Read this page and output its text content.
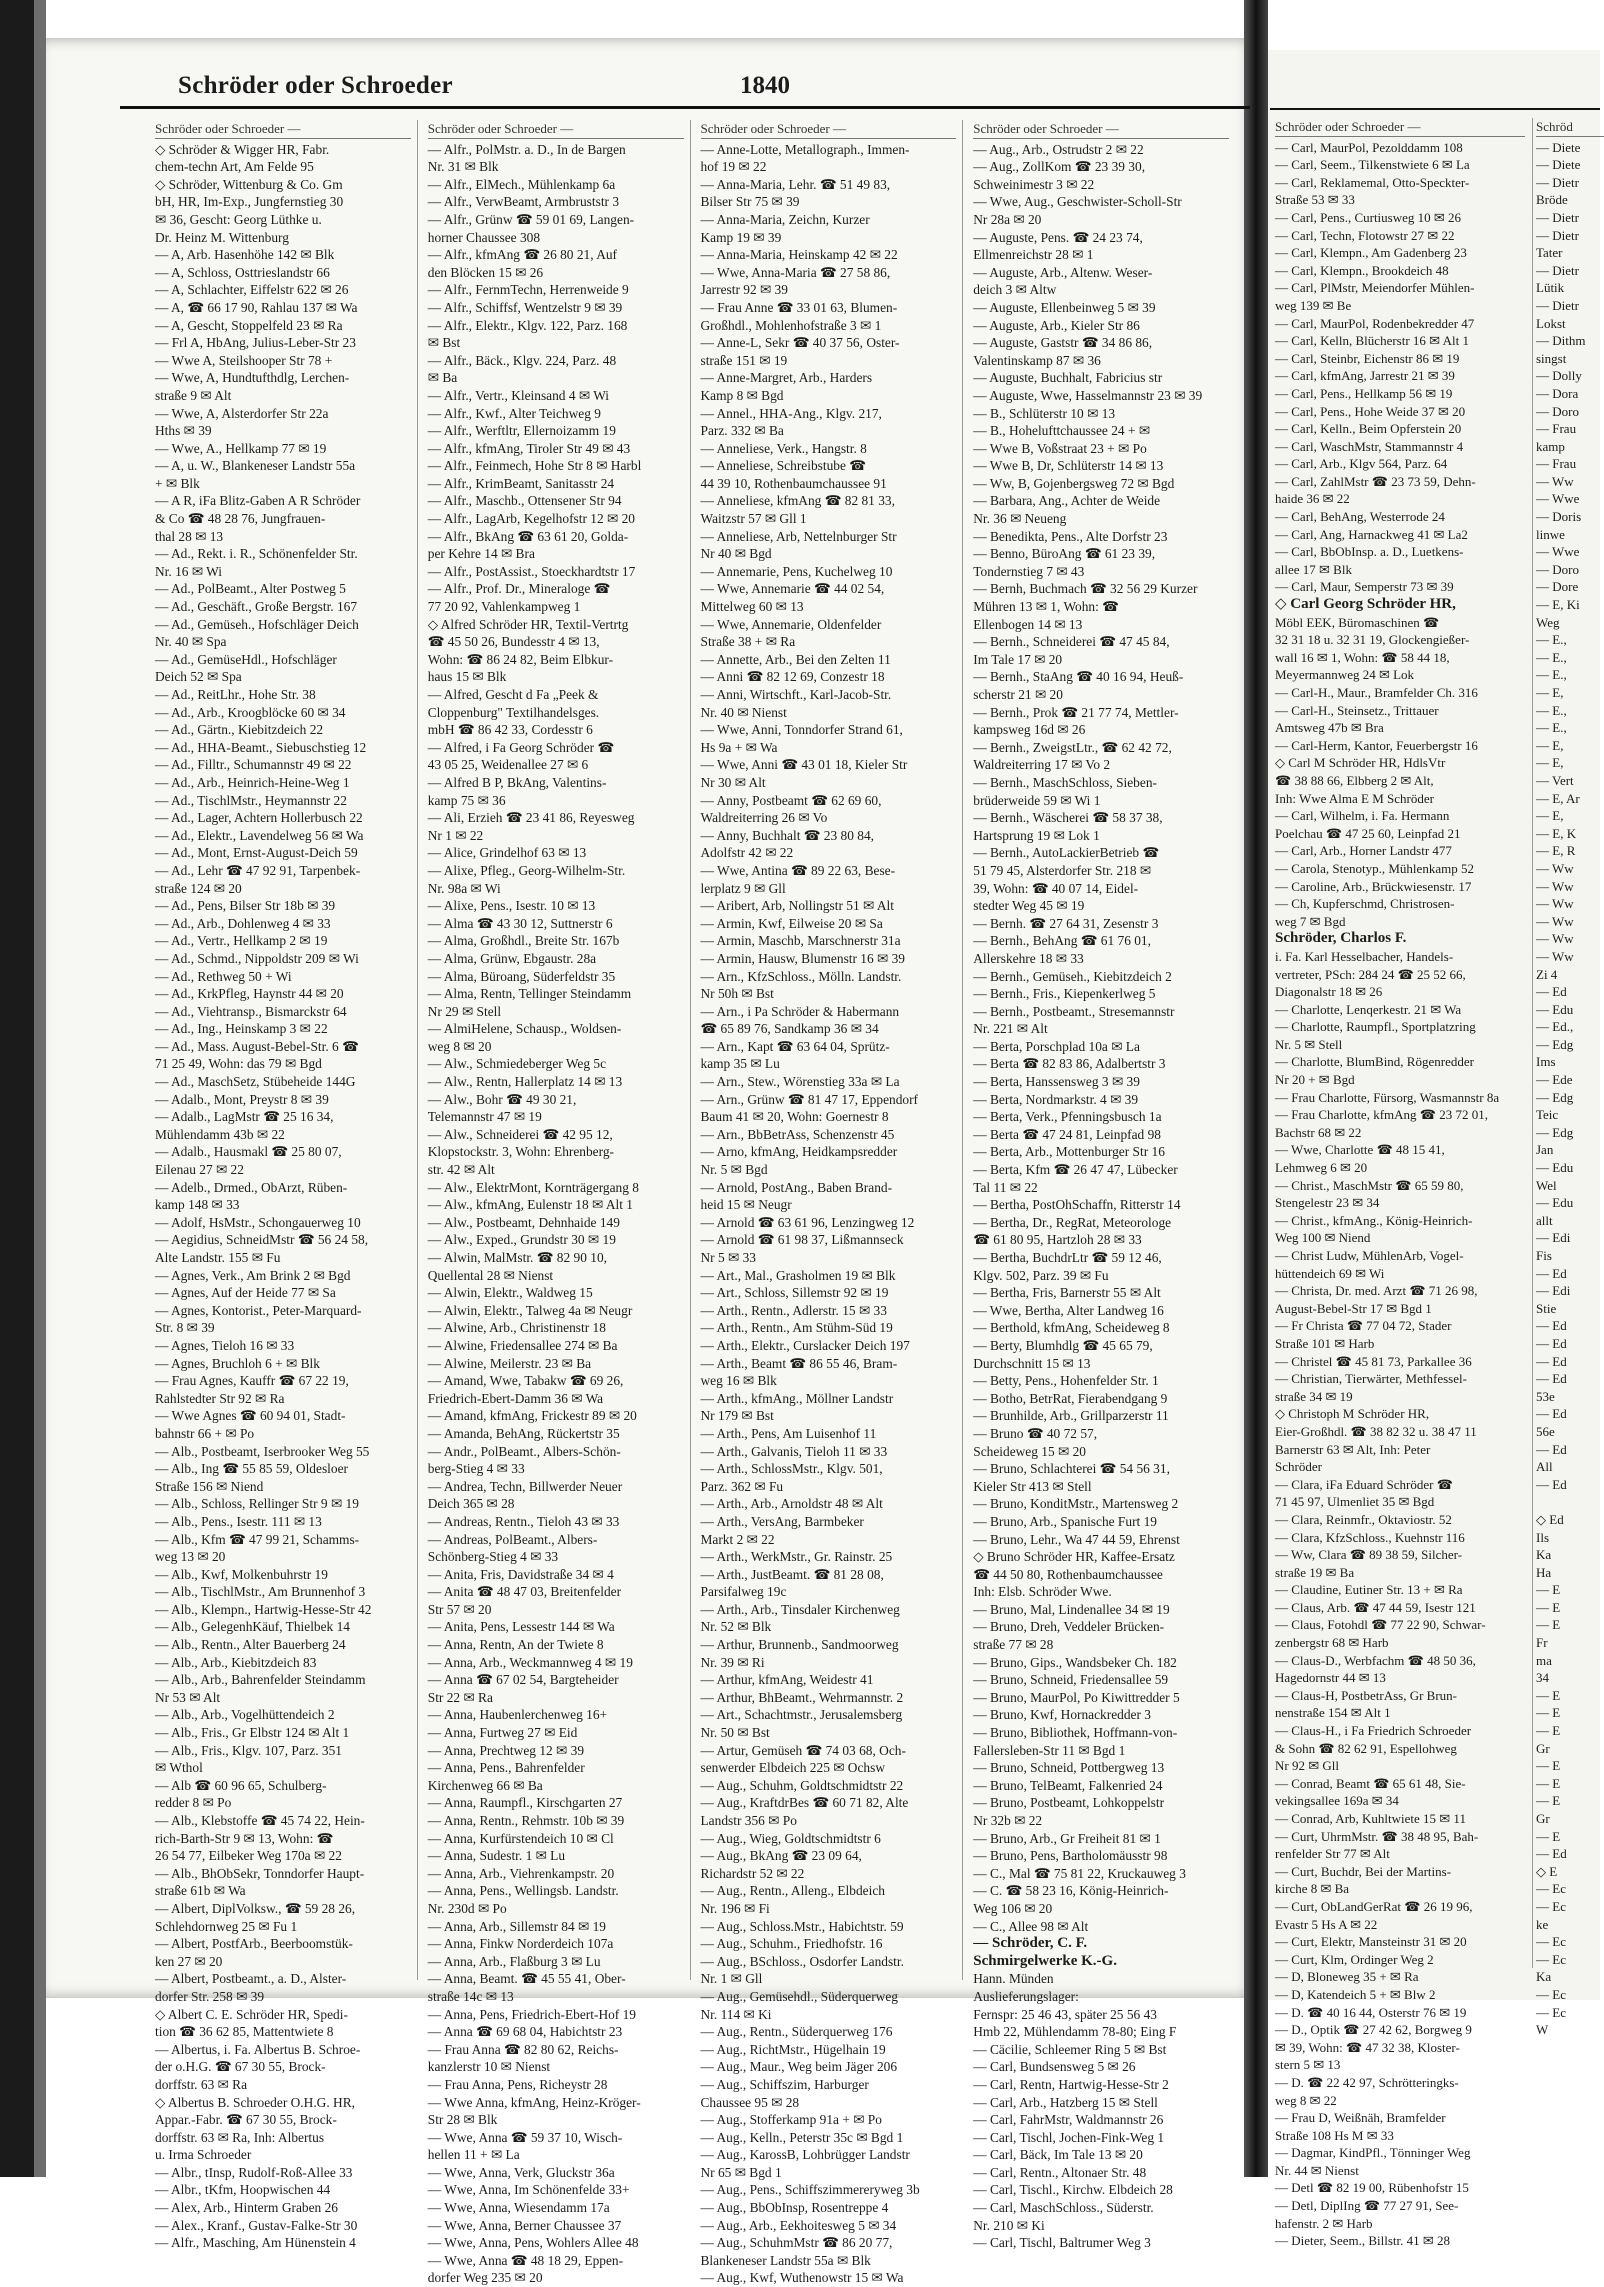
Schröder oder Schroeder	1840
Schröder oder Schroeder —
◇ Schröder & Wigger HR, Fabr.
chem-techn Art, Am Felde 95
◇ Schröder, Wittenburg & Co. Gm
bH, HR, Im-Exp., Jungfernstieg 30
✉ 36, Gescht: Georg Lüthke u.
Dr. Heinz M. Wittenburg
— A, Arb. Hasenhöhe 142 ✉ Blk
— A, Schloss, Osttrieslandstr 66
— A, Schlachter, Eiffelstr 622 ✉ 26
— A, ☎ 66 17 90, Rahlau 137 ✉ Wa
— A, Gescht, Stoppelfeld 23 ✉ Ra
— Frl A, HbAng, Julius-Leber-Str 23
— Wwe A, Steilshooper Str 78 +
— Wwe, A, Hundtufthdlg, Lerchen-
straße 9 ✉ Alt
— Wwe, A, Alsterdorfer Str 22a
Hths ✉ 39
— Wwe, A., Hellkamp 77 ✉ 19
— A, u. W., Blankeneser Landstr 55a
+ ✉ Blk
— A R, iFa Blitz-Gaben A R Schröder
& Co ☎ 48 28 76, Jungfrauen-
thal 28 ✉ 13
— Ad., Rekt. i. R., Schönenfelder Str.
Nr. 16 ✉ Wi
— Ad., PolBeamt., Alter Postweg 5
— Ad., Geschäft., Große Bergstr. 167
— Ad., Gemüseh., Hofschläger Deich
Nr. 40 ✉ Spa
— Ad., GemüseHdl., Hofschläger
Deich 52 ✉ Spa
— Ad., ReitLhr., Hohe Str. 38
— Ad., Arb., Kroogblöcke 60 ✉ 34
— Ad., Gärtn., Kiebitzdeich 22
— Ad., HHA-Beamt., Siebuschstieg 12
— Ad., Filltr., Schumannstr 49 ✉ 22
— Ad., Arb., Heinrich-Heine-Weg 1
— Ad., TischlMstr., Heymannstr 22
— Ad., Lager, Achtern Hollerbusch 22
— Ad., Elektr., Lavendelweg 56 ✉ Wa
— Ad., Mont, Ernst-August-Deich 59
— Ad., Lehr ☎ 47 92 91, Tarpenbek-
straße 124 ✉ 20
— Ad., Pens, Bilser Str 18b ✉ 39
— Ad., Arb., Dohlenweg 4 ✉ 33
— Ad., Vertr., Hellkamp 2 ✉ 19
— Ad., Schmd., Nippoldstr 209 ✉ Wi
— Ad., Rethweg 50 + Wi
— Ad., KrkPfleg, Haynstr 44 ✉ 20
— Ad., Viehtransp., Bismarckstr 64
— Ad., Ing., Heinskamp 3 ✉ 22
— Ad., Mass. August-Bebel-Str. 6 ☎
71 25 49, Wohn: das 79 ✉ Bgd
— Ad., MaschSetz, Stübeheide 144G
— Adalb., Mont, Preystr 8 ✉ 39
— Adalb., LagMstr ☎ 25 16 34,
Mühlendamm 43b ✉ 22
— Adalb., Hausmakl ☎ 25 80 07,
Eilenau 27 ✉ 22
— Adelb., Drmed., ObArzt, Rüben-
kamp 148 ✉ 33
— Adolf, HsMstr., Schongauerweg 10
— Aegidius, SchneidMstr ☎ 56 24 58,
Alte Landstr. 155 ✉ Fu
— Agnes, Verk., Am Brink 2 ✉ Bgd
— Agnes, Auf der Heide 77 ✉ Sa
— Agnes, Kontorist., Peter-Marquard-
Str. 8 ✉ 39
— Agnes, Tieloh 16 ✉ 33
— Agnes, Bruchloh 6 + ✉ Blk
— Frau Agnes, Kauffr ☎ 67 22 19,
Rahlstedter Str 92 ✉ Ra
— Wwe Agnes ☎ 60 94 01, Stadt-
bahnstr 66 + ✉ Po
— Alb., Postbeamt, Iserbrooker Weg 55
— Alb., Ing ☎ 55 85 59, Oldesloer
Straße 156 ✉ Niend
— Alb., Schloss, Rellinger Str 9 ✉ 19
— Alb., Pens., Isestr. 111 ✉ 13
— Alb., Kfm ☎ 47 99 21, Schamms-
weg 13 ✉ 20
— Alb., Kwf, Molkenbuhrstr 19
— Alb., TischlMstr., Am Brunnenhof 3
— Alb., Klempn., Hartwig-Hesse-Str 42
— Alb., GelegenhKäuf, Thielbek 14
— Alb., Rentn., Alter Bauerberg 24
— Alb., Arb., Kiebitzdeich 83
— Alb., Arb., Bahrenfelder Steindamm
Nr 53 ✉ Alt
— Alb., Arb., Vogelhüttendeich 2
— Alb., Fris., Gr Elbstr 124 ✉ Alt 1
— Alb., Fris., Klgv. 107, Parz. 351
✉ Wthol
— Alb ☎ 60 96 65, Schulberg-
redder 8 ✉ Po
— Alb., Klebstoffe ☎ 45 74 22, Hein-
rich-Barth-Str 9 ✉ 13, Wohn: ☎
26 54 77, Eilbeker Weg 170a ✉ 22
— Alb., BhObSekr, Tonndorfer Haupt-
straße 61b ✉ Wa
— Albert, DiplVolksw., ☎ 59 28 26,
Schlehdornweg 25 ✉ Fu 1
— Albert, PostfArb., Beerboomstük-
ken 27 ✉ 20
— Albert, Postbeamt., a. D., Alster-
dorfer Str. 258 ✉ 39
◇ Albert C. E. Schröder HR, Spedi-
tion ☎ 36 62 85, Mattentwiete 8
— Albertus, i. Fa. Albertus B. Schroe-
der o.H.G. ☎ 67 30 55, Brock-
dorffstr. 63 ✉ Ra
◇ Albertus B. Schroeder O.H.G. HR,
Appar.-Fabr. ☎ 67 30 55, Brock-
dorffstr. 63 ✉ Ra, Inh: Albertus
u. Irma Schroeder
— Albr., tInsp, Rudolf-Roß-Allee 33
— Albr., tKfm, Hoopwischen 44
— Alex, Arb., Hinterm Graben 26
— Alex., Kranf., Gustav-Falke-Str 30
— Alfr., Masching, Am Hünenstein 4
Schröder oder Schroeder —
— Alfr., PolMstr. a. D., In de Bargen
Nr. 31 ✉ Blk
— Alfr., ElMech., Mühlenkamp 6a
— Alfr., VerwBeamt, Armbruststr 3
— Alfr., Grünw ☎ 59 01 69, Langen-
horner Chaussee 308
— Alfr., kfmAng ☎ 26 80 21, Auf
den Blöcken 15 ✉ 26
— Alfr., FernmTechn, Herrenweide 9
— Alfr., Schiffsf, Wentzelstr 9 ✉ 39
— Alfr., Elektr., Klgv. 122, Parz. 168
✉ Bst
— Alfr., Bäck., Klgv. 224, Parz. 48
✉ Ba
— Alfr., Vertr., Kleinsand 4 ✉ Wi
— Alfr., Kwf., Alter Teichweg 9
— Alfr., Werftltr, Ellernoizamm 19
— Alfr., kfmAng, Tiroler Str 49 ✉ 43
— Alfr., Feinmech, Hohe Str 8 ✉ Harbl
— Alfr., KrimBeamt, Sanitasstr 24
— Alfr., Maschb., Ottensener Str 94
— Alfr., LagArb, Kegelhofstr 12 ✉ 20
— Alfr., BkAng ☎ 63 61 20, Golda-
per Kehre 14 ✉ Bra
— Alfr., PostAssist., Stoeckhardtstr 17
— Alfr., Prof. Dr., Mineraloge ☎
77 20 92, Vahlenkampweg 1
◇ Alfred Schröder HR, Textil-Vertrtg
☎ 45 50 26, Bundesstr 4 ✉ 13,
Wohn: ☎ 86 24 82, Beim Elbkur-
haus 15 ✉ Blk
— Alfred, Gescht d Fa „Peek &
Cloppenburg" Textilhandelsges.
mbH ☎ 86 42 33, Cordesstr 6
— Alfred, i Fa Georg Schröder ☎
43 05 25, Weidenallee 27 ✉ 6
— Alfred B P, BkAng, Valentins-
kamp 75 ✉ 36
— Ali, Erzieh ☎ 23 41 86, Reyesweg
Nr 1 ✉ 22
— Alice, Grindelhof 63 ✉ 13
— Alixe, Pfleg., Georg-Wilhelm-Str.
Nr. 98a ✉ Wi
— Alixe, Pens., Isestr. 10 ✉ 13
— Alma ☎ 43 30 12, Suttnerstr 6
— Alma, Großhdl., Breite Str. 167b
— Alma, Grünw, Ebgaustr. 28a
— Alma, Büroang, Süderfeldstr 35
— Alma, Rentn, Tellinger Steindamm
Nr 29 ✉ Stell
— AlmiHelene, Schausp., Woldsen-
weg 8 ✉ 20
— Alw., Schmiedeberger Weg 5c
— Alw., Rentn, Hallerplatz 14 ✉ 13
— Alw., Bohr ☎ 49 30 21,
Telemannstr 47 ✉ 19
— Alw., Schneiderei ☎ 42 95 12,
Klopstockstr. 3, Wohn: Ehrenberg-
str. 42 ✉ Alt
— Alw., ElektrMont, Kornträgergang 8
— Alw., kfmAng, Eulenstr 18 ✉ Alt 1
— Alw., Postbeamt, Dehnhaide 149
— Alw., Exped., Grundstr 30 ✉ 19
— Alwin, MalMstr. ☎ 82 90 10,
Quellental 28 ✉ Nienst
— Alwin, Elektr., Waldweg 15
— Alwin, Elektr., Talweg 4a ✉ Neugr
— Alwine, Arb., Christinenstr 18
— Alwine, Friedensallee 274 ✉ Ba
— Alwine, Meilerstr. 23 ✉ Ba
— Amand, Wwe, Tabakw ☎ 69 26,
Friedrich-Ebert-Damm 36 ✉ Wa
— Amand, kfmAng, Frickestr 89 ✉ 20
— Amanda, BehAng, Rückertstr 35
— Andr., PolBeamt., Albers-Schön-
berg-Stieg 4 ✉ 33
— Andrea, Techn, Billwerder Neuer
Deich 365 ✉ 28
— Andreas, Rentn., Tieloh 43 ✉ 33
— Andreas, PolBeamt., Albers-
Schönberg-Stieg 4 ✉ 33
— Anita, Fris, Davidstraße 34 ✉ 4
— Anita ☎ 48 47 03, Breitenfelder
Str 57 ✉ 20
— Anita, Pens, Lessestr 144 ✉ Wa
— Anna, Rentn, An der Twiete 8
— Anna, Arb., Weckmannweg 4 ✉ 19
— Anna ☎ 67 02 54, Bargteheider
Str 22 ✉ Ra
— Anna, Haubenlerchenweg 16+
— Anna, Furtweg 27 ✉ Eid
— Anna, Prechtweg 12 ✉ 39
— Anna, Pens., Bahrenfelder
Kirchenweg 66 ✉ Ba
— Anna, Raumpfl., Kirschgarten 27
— Anna, Rentn., Rehmstr. 10b ✉ 39
— Anna, Kurfürstendeich 10 ✉ Cl
— Anna, Sudestr. 1 ✉ Lu
— Anna, Arb., Viehrenkampstr. 20
— Anna, Pens., Wellingsb. Landstr.
Nr. 230d ✉ Po
— Anna, Arb., Sillemstr 84 ✉ 19
— Anna, Finkw Norderdeich 107a
— Anna, Arb., Flaßburg 3 ✉ Lu
— Anna, Beamt. ☎ 45 55 41, Ober-
straße 14c ✉ 13
— Anna, Pens, Friedrich-Ebert-Hof 19
— Anna ☎ 69 68 04, Habichtstr 23
— Frau Anna ☎ 82 80 62, Reichs-
kanzlerstr 10 ✉ Nienst
— Frau Anna, Pens, Richeystr 28
— Wwe Anna, kfmAng, Heinz-Kröger-
Str 28 ✉ Blk
— Wwe, Anna ☎ 59 37 10, Wisch-
hellen 11 + ✉ La
— Wwe, Anna, Verk, Gluckstr 36a
— Wwe, Anna, Im Schönenfelde 33+
— Wwe, Anna, Wiesendamm 17a
— Wwe, Anna, Berner Chaussee 37
— Wwe, Anna, Pens, Wohlers Allee 48
— Wwe, Anna ☎ 48 18 29, Eppen-
dorfer Weg 235 ✉ 20
Schröder oder Schroeder —
— Anne-Lotte, Metallograph., Immen-
hof 19 ✉ 22
— Anna-Maria, Lehr. ☎ 51 49 83,
Bilser Str 75 ✉ 39
— Anna-Maria, Zeichn, Kurzer
Kamp 19 ✉ 39
— Anna-Maria, Heinskamp 42 ✉ 22
— Wwe, Anna-Maria ☎ 27 58 86,
Jarrestr 92 ✉ 39
— Frau Anne ☎ 33 01 63, Blumen-
Großhdl., Mohlenhofstraße 3 ✉ 1
— Anne-L, Sekr ☎ 40 37 56, Oster-
straße 151 ✉ 19
— Anne-Margret, Arb., Harders
Kamp 8 ✉ Bgd
— Annel., HHA-Ang., Klgv. 217,
Parz. 332 ✉ Ba
— Anneliese, Verk., Hangstr. 8
— Anneliese, Schreibstube ☎
44 39 10, Rothenbaumchaussee 91
— Anneliese, kfmAng ☎ 82 81 33,
Waitzstr 57 ✉ Gll 1
— Anneliese, Arb, Nettelnburger Str
Nr 40 ✉ Bgd
— Annemarie, Pens, Kuchelweg 10
— Wwe, Annemarie ☎ 44 02 54,
Mittelweg 60 ✉ 13
— Wwe, Annemarie, Oldenfelder
Straße 38 + ✉ Ra
— Annette, Arb., Bei den Zelten 11
— Anni ☎ 82 12 69, Conzestr 18
— Anni, Wirtschft., Karl-Jacob-Str.
Nr. 40 ✉ Nienst
— Wwe, Anni, Tonndorfer Strand 61,
Hs 9a + ✉ Wa
— Wwe, Anni ☎ 43 01 18, Kieler Str
Nr 30 ✉ Alt
— Anny, Postbeamt ☎ 62 69 60,
Waldreiterring 26 ✉ Vo
— Anny, Buchhalt ☎ 23 80 84,
Adolfstr 42 ✉ 22
— Wwe, Antina ☎ 89 22 63, Bese-
lerplatz 9 ✉ Gll
— Aribert, Arb, Nollingstr 51 ✉ Alt
— Armin, Kwf, Eilweise 20 ✉ Sa
— Armin, Maschb, Marschnerstr 31a
— Armin, Hausw, Blumenstr 16 ✉ 39
— Arn., KfzSchloss., Mölln. Landstr.
Nr 50h ✉ Bst
— Arn., i Pa Schröder & Habermann
☎ 65 89 76, Sandkamp 36 ✉ 34
— Arn., Kapt ☎ 63 64 04, Sprütz-
kamp 35 ✉ Lu
— Arn., Stew., Wörenstieg 33a ✉ La
— Arn., Grünw ☎ 81 47 17, Eppendorf
Baum 41 ✉ 20, Wohn: Goernestr 8
— Arn., BbBetrAss, Schenzenstr 45
— Arno, kfmAng, Heidkampsredder
Nr. 5 ✉ Bgd
— Arnold, PostAng., Baben Brand-
heid 15 ✉ Neugr
— Arnold ☎ 63 61 96, Lenzingweg 12
— Arnold ☎ 61 98 37, Lißmannseck
Nr 5 ✉ 33
— Art., Mal., Grasholmen 19 ✉ Blk
— Art., Schloss, Sillemstr 92 ✉ 19
— Arth., Rentn., Adlerstr. 15 ✉ 33
— Arth., Rentn., Am Stühm-Süd 19
— Arth., Elektr., Curslacker Deich 197
— Arth., Beamt ☎ 86 55 46, Bram-
weg 16 ✉ Blk
— Arth., kfmAng., Möllner Landstr
Nr 179 ✉ Bst
— Arth., Pens, Am Luisenhof 11
— Arth., Galvanis, Tieloh 11 ✉ 33
— Arth., SchlossMstr., Klgv. 501,
Parz. 362 ✉ Fu
— Arth., Arb., Arnoldstr 48 ✉ Alt
— Arth., VersAng, Barmbeker
Markt 2 ✉ 22
— Arth., WerkMstr., Gr. Rainstr. 25
— Arth., JustBeamt. ☎ 81 28 08,
Parsifalweg 19c
— Arth., Arb., Tinsdaler Kirchenweg
Nr. 52 ✉ Blk
— Arthur, Brunnenb., Sandmoorweg
Nr. 39 ✉ Ri
— Arthur, kfmAng, Weidestr 41
— Arthur, BhBeamt., Wehrmannstr. 2
— Art., Schachtmstr., Jerusalemsberg
Nr. 50 ✉ Bst
— Artur, Gemüseh ☎ 74 03 68, Och-
senwerder Elbdeich 225 ✉ Ochsw
— Aug., Schuhm, Goldtschmidtstr 22
— Aug., KraftdrBes ☎ 60 71 82, Alte
Landstr 356 ✉ Po
— Aug., Wieg, Goldtschmidtstr 6
— Aug., BkAng ☎ 23 09 64,
Richardstr 52 ✉ 22
— Aug., Rentn., Alleng., Elbdeich
Nr. 196 ✉ Fi
— Aug., Schloss.Mstr., Habichtstr. 59
— Aug., Schuhm., Friedhofstr. 16
— Aug., BSchloss., Osdorfer Landstr.
Nr. 1 ✉ Gll
— Aug., Gemüsehdl., Süderquerweg
Nr. 114 ✉ Ki
— Aug., Rentn., Süderquerweg 176
— Aug., RichtMstr., Hügelhain 19
— Aug., Maur., Weg beim Jäger 206
— Aug., Schiffszim, Harburger
Chaussee 95 ✉ 28
— Aug., Stofferkamp 91a + ✉ Po
— Aug., Kelln., Peterstr 35c ✉ Bgd 1
— Aug., KarossB, Lohbrügger Landstr
Nr 65 ✉ Bgd 1
— Aug., Pens., Schiffszimmereryweg 3b
— Aug., BbObInsp, Rosentreppe 4
— Aug., Arb., Eekhoitesweg 5 ✉ 34
— Aug., SchuhmMstr ☎ 86 20 77,
Blankeneser Landstr 55a ✉ Blk
— Aug., Kwf, Wuthenowstr 15 ✉ Wa
Schröder oder Schroeder —
— Aug., Arb., Ostrudstr 2 ✉ 22
— Aug., ZollKom ☎ 23 39 30,
Schweinimestr 3 ✉ 22
— Wwe, Aug., Geschwister-Scholl-Str
Nr 28a ✉ 20
— Auguste, Pens. ☎ 24 23 74,
Ellmenreichstr 28 ✉ 1
— Auguste, Arb., Altenw. Weser-
deich 3 ✉ Altw
— Auguste, Ellenbeinweg 5 ✉ 39
— Auguste, Arb., Kieler Str 86
— Auguste, Gaststr ☎ 34 86 86,
Valentinskamp 87 ✉ 36
— Auguste, Buchhalt, Fabricius str
— Auguste, Wwe, Hasselmannstr 23 ✉ 39
— B., Schlüterstr 10 ✉ 13
— B., Hohelufttchaussee 24 + ✉
— Wwe B, Voßstraat 23 + ✉ Po
— Wwe B, Dr, Schlüterstr 14 ✉ 13
— Ww, B, Gojenbergsweg 72 ✉ Bgd
— Barbara, Ang., Achter de Weide
Nr. 36 ✉ Neueng
— Benedikta, Pens., Alte Dorfstr 23
— Benno, BüroAng ☎ 61 23 39,
Tondernstieg 7 ✉ 43
— Bernh, Buchmach ☎ 32 56 29 Kurzer
Mühren 13 ✉ 1, Wohn: ☎
Ellenbogen 14 ✉ 13
— Bernh., Schneiderei ☎ 47 45 84,
Im Tale 17 ✉ 20
— Bernh., StaAng ☎ 40 16 94, Heuß-
scherstr 21 ✉ 20
— Bernh., Prok ☎ 21 77 74, Mettler-
kampsweg 16d ✉ 26
— Bernh., ZweigstLtr., ☎ 62 42 72,
Waldreiterring 17 ✉ Vo 2
— Bernh., MaschSchloss, Sieben-
brüderweide 59 ✉ Wi 1
— Bernh., Wäscherei ☎ 58 37 38,
Hartsprung 19 ✉ Lok 1
— Bernh., AutoLackierBetrieb ☎
51 79 45, Alsterdorfer Str. 218 ✉
39, Wohn: ☎ 40 07 14, Eidel-
stedter Weg 45 ✉ 19
— Bernh. ☎ 27 64 31, Zesenstr 3
— Bernh., BehAng ☎ 61 76 01,
Allerskehre 18 ✉ 33
— Bernh., Gemüseh., Kiebitzdeich 2
— Bernh., Fris., Kiepenkerlweg 5
— Bernh., Postbeamt., Stresemannstr
Nr. 221 ✉ Alt
— Berta, Porschplad 10a ✉ La
— Berta ☎ 82 83 86, Adalbertstr 3
— Berta, Hanssensweg 3 ✉ 39
— Berta, Nordmarkstr. 4 ✉ 39
— Berta, Verk., Pfenningsbusch 1a
— Berta ☎ 47 24 81, Leinpfad 98
— Berta, Arb., Mottenburger Str 16
— Berta, Kfm ☎ 26 47 47, Lübecker
Tal 11 ✉ 22
— Bertha, PostOhSchaffn, Ritterstr 14
— Bertha, Dr., RegRat, Meteorologe
☎ 61 80 95, Hartzloh 28 ✉ 33
— Bertha, BuchdrLtr ☎ 59 12 46,
Klgv. 502, Parz. 39 ✉ Fu
— Bertha, Fris, Barnerstr 55 ✉ Alt
— Wwe, Bertha, Alter Landweg 16
— Berthold, kfmAng, Scheideweg 8
— Berty, Blumhdlg ☎ 45 65 79,
Durchschnitt 15 ✉ 13
— Betty, Pens., Hohenfelder Str. 1
— Botho, BetrRat, Fierabendgang 9
— Brunhilde, Arb., Grillparzerstr 11
— Bruno ☎ 40 72 57,
Scheideweg 15 ✉ 20
— Bruno, Schlachterei ☎ 54 56 31,
Kieler Str 413 ✉ Stell
— Bruno, KonditMstr., Martensweg 2
— Bruno, Arb., Spanische Furt 19
— Bruno, Lehr., Wa 47 44 59, Ehrenst
◇ Bruno Schröder HR, Kaffee-Ersatz
☎ 44 50 80, Rothenbaumchaussee
Inh: Elsb. Schröder Wwe.
— Bruno, Mal, Lindenallee 34 ✉ 19
— Bruno, Dreh, Veddeler Brücken-
straße 77 ✉ 28
— Bruno, Gips., Wandsbeker Ch. 182
— Bruno, Schneid, Friedensallee 59
— Bruno, MaurPol, Po Kiwittredder 5
— Bruno, Kwf, Hornackredder 3
— Bruno, Bibliothek, Hoffmann-von-
Fallersleben-Str 11 ✉ Bgd 1
— Bruno, Schneid, Pottbergweg 13
— Bruno, TelBeamt, Falkenried 24
— Bruno, Postbeamt, Lohkoppelstr
Nr 32b ✉ 22
— Bruno, Arb., Gr Freiheit 81 ✉ 1
— Bruno, Pens, Bartholomäusstr 98
— C., Mal ☎ 75 81 22, Kruckauweg 3
— C. ☎ 58 23 16, König-Heinrich-
Weg 106 ✉ 20
— C., Allee 98 ✉ Alt
— Schröder, C. F.
Schmirgelwerke K.-G.
Hann. Münden
Auslieferungslager:
Fernspr: 25 46 43, später 25 56 43
Hmb 22, Mühlendamm 78-80; Eing F
— Cäcilie, Schleemer Ring 5 ✉ Bst
— Carl, Bundsensweg 5 ✉ 26
— Carl, Rentn, Hartwig-Hesse-Str 2
— Carl, Arb., Hatzberg 15 ✉ Stell
— Carl, FahrMstr, Waldmannstr 26
— Carl, Tischl, Jochen-Fink-Weg 1
— Carl, Bäck, Im Tale 13 ✉ 20
— Carl, Rentn., Altonaer Str. 48
— Carl, Tischl., Kirchw. Elbdeich 28
— Carl, MaschSchloss., Süderstr.
Nr. 210 ✉ Ki
— Carl, Tischl, Baltrumer Weg 3
Schröder oder Schroeder —
— Carl, MaurPol, Pezolddamm 108
— Carl, Seem., Tilkenstwiete 6 ✉ La
— Carl, Reklamemal, Otto-Speckter-
Straße 53 ✉ 33
— Carl, Pens., Curtiusweg 10 ✉ 26
— Carl, Techn, Flotowstr 27 ✉ 22
— Carl, Klempn., Am Gadenberg 23
— Carl, Klempn., Brookdeich 48
— Carl, PlMstr, Meiendorfer Mühlen-
weg 139 ✉ Be
— Carl, MaurPol, Rodenbekredder 47
— Carl, Kelln, Blücherstr 16 ✉ Alt 1
— Carl, Steinbr, Eichenstr 86 ✉ 19
— Carl, kfmAng, Jarrestr 21 ✉ 39
— Carl, Pens., Hellkamp 56 ✉ 19
— Carl, Pens., Hohe Weide 37 ✉ 20
— Carl, Kelln., Beim Opferstein 20
— Carl, WaschMstr, Stammannstr 4
— Carl, Arb., Klgv 564, Parz. 64
— Carl, ZahlMstr ☎ 23 73 59, Dehn-
haide 36 ✉ 22
— Carl, BehAng, Westerrode 24
— Carl, Ang, Harnackweg 41 ✉ La2
— Carl, BbObInsp. a. D., Luetkens-
allee 17 ✉ Blk
— Carl, Maur, Semperstr 73 ✉ 39
◇ Carl Georg Schröder HR,
Möbl EEK, Büromaschinen ☎
32 31 18 u. 32 31 19, Glockengießer-
wall 16 ✉ 1, Wohn: ☎ 58 44 18,
Meyermannweg 24 ✉ Lok
— Carl-H., Maur., Bramfelder Ch. 316
— Carl-H., Steinsetz., Trittauer
Amtsweg 47b ✉ Bra
— Carl-Herm, Kantor, Feuerbergstr 16
◇ Carl M Schröder HR, HdlsVtr
☎ 38 88 66, Elbberg 2 ✉ Alt,
Inh: Wwe Alma E M Schröder
— Carl, Wilhelm, i. Fa. Hermann
Poelchau ☎ 47 25 60, Leinpfad 21
— Carl, Arb., Horner Landstr 477
— Carola, Stenotyp., Mühlenkamp 52
— Caroline, Arb., Brückwiesenstr. 17
— Ch, Kupferschmd, Christrosen-
weg 7 ✉ Bgd
Schröder, Charlos F.
i. Fa. Karl Hesselbacher, Handels-
vertreter, PSch: 284 24 ☎ 25 52 66,
Diagonalstr 18 ✉ 26
— Charlotte, Lenqerkestr. 21 ✉ Wa
— Charlotte, Raumpfl., Sportplatzring
Nr. 5 ✉ Stell
— Charlotte, BlumBind, Rögenredder
Nr 20 + ✉ Bgd
— Frau Charlotte, Fürsorg, Wasmannstr 8a
— Frau Charlotte, kfmAng ☎ 23 72 01,
Bachstr 68 ✉ 22
— Wwe, Charlotte ☎ 48 15 41,
Lehmweg 6 ✉ 20
— Christ., MaschMstr ☎ 65 59 80,
Stengelestr 23 ✉ 34
— Christ., kfmAng., König-Heinrich-
Weg 100 ✉ Niend
— Christ Ludw, MühlenArb, Vogel-
hüttendeich 69 ✉ Wi
— Christa, Dr. med. Arzt ☎ 71 26 98,
August-Bebel-Str 17 ✉ Bgd 1
— Fr Christa ☎ 77 04 72, Stader
Straße 101 ✉ Harb
— Christel ☎ 45 81 73, Parkallee 36
— Christian, Tierwärter, Methfessel-
straße 34 ✉ 19
◇ Christoph M Schröder HR,
Eier-Großhdl. ☎ 38 82 32 u. 38 47 11
Barnerstr 63 ✉ Alt, Inh: Peter
Schröder
— Clara, iFa Eduard Schröder ☎
71 45 97, Ulmenliet 35 ✉ Bgd
— Clara, Reinmfr., Oktaviostr. 52
— Clara, KfzSchloss., Kuehnstr 116
— Ww, Clara ☎ 89 38 59, Silcher-
straße 19 ✉ Ba
— Claudine, Eutiner Str. 13 + ✉ Ra
— Claus, Arb. ☎ 47 44 59, Isestr 121
— Claus, Fotohdl ☎ 77 22 90, Schwar-
zenbergstr 68 ✉ Harb
— Claus-D., Werbfachm ☎ 48 50 36,
Hagedornstr 44 ✉ 13
— Claus-H, PostbetrAss, Gr Brun-
nenstraße 154 ✉ Alt 1
— Claus-H., i Fa Friedrich Schroeder
& Sohn ☎ 82 62 91, Espellohweg
Nr 92 ✉ Gll
— Conrad, Beamt ☎ 65 61 48, Sie-
vekingsallee 169a ✉ 34
— Conrad, Arb, Kuhltwiete 15 ✉ 11
— Curt, UhrmMstr. ☎ 38 48 95, Bah-
renfelder Str 77 ✉ Alt
— Curt, Buchdr, Bei der Martins-
kirche 8 ✉ Ba
— Curt, ObLandGerRat ☎ 26 19 96,
Evastr 5 Hs A ✉ 22
— Curt, Elektr, Mansteinstr 31 ✉ 20
— Curt, Klm, Ordinger Weg 2
— D, Bloneweg 35 + ✉ Ra
— D, Katendeich 5 + ✉ Blw 2
— D. ☎ 40 16 44, Osterstr 76 ✉ 19
— D., Optik ☎ 27 42 62, Borgweg 9
✉ 39, Wohn: ☎ 47 32 38, Kloster-
stern 5 ✉ 13
— D. ☎ 22 42 97, Schrötteringks-
weg 8 ✉ 22
— Frau D, Weißnäh, Bramfelder
Straße 108 Hs M ✉ 33
— Dagmar, KindPfl., Tönninger Weg
Nr. 44 ✉ Nienst
— Detl ☎ 82 19 00, Rübenhofstr 15
— Detl, DiplIng ☎ 77 27 91, See-
hafenstr. 2 ✉ Harb
— Dieter, Seem., Billstr. 41 ✉ 28
Schröd
— Diete
— Diete
— Dietr
Bröde
— Dietr
— Dietr
Tater
— Dietr
Lütik
— Dietr
Lokst
— Dithm
singst
— Dolly
— Dora
— Doro
— Frau
kamp
— Frau
— Ww
— Wwe
— Doris
linwe
— Wwe
— Doro
— Dore
— E, Ki
Weg
— E.,
— E.,
— E.,
— E,
— E.,
— E.,
— E,
— E,
— Vert
— E, Ar
— E,
— E, K
— E, R
— Ww
— Ww
— Ww
— Ww
— Ww
— Ww
Zi 4
— Ed
— Edu
— Ed.,
— Edg
Ims
— Ede
— Edg
Teic
— Edg
Jan
— Edu
Wel
— Edu
allt
— Edi
Fis
— Ed
— Edi
Stie
— Ed
— Ed
— Ed
— Ed
53e
— Ed
56e
— Ed
All
— Ed

◇ Ed
Ils
Ka
Ha
— E
— E
— E
Fr
ma
34
— E
— E
— E
Gr
— E
— E
— E
Gr
— E
— Ed
◇ E
— Ec
— Ec
ke
— Ec
— Ec
Ka
— Ec
— Ec
W
